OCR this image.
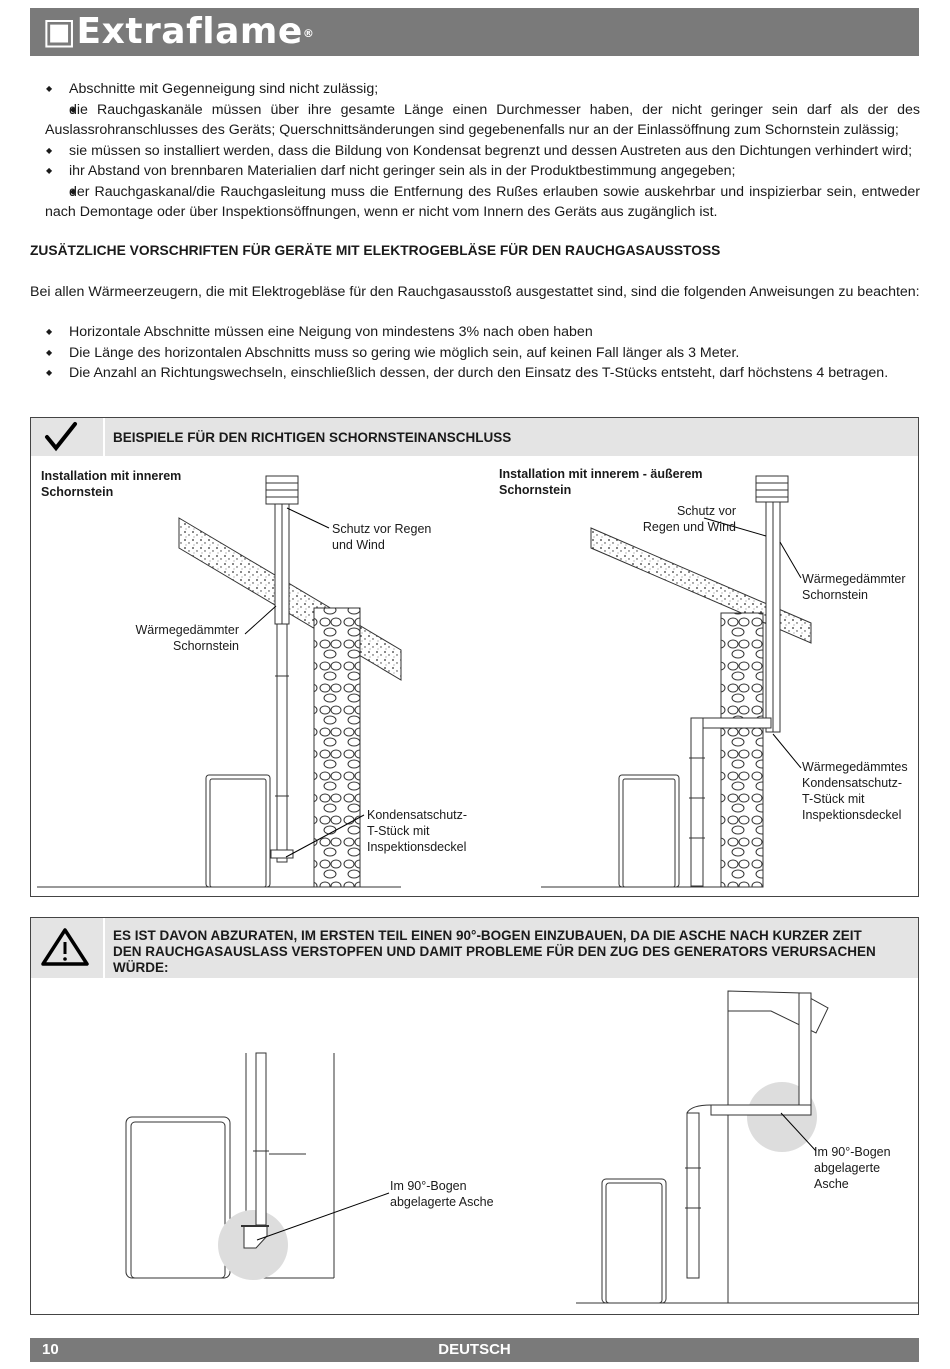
▣Extraflame®
◆ Abschnitte mit Gegenneigung sind nicht zulässig;
◆ die Rauchgaskanäle müssen über ihre gesamte Länge einen Durchmesser haben, der nicht geringer sein darf als der des Auslassrohranschlusses des Geräts; Querschnittsänderungen sind gegebenenfalls nur an der Einlassöffnung zum Schornstein zulässig;
◆ sie müssen so installiert werden, dass die Bildung von Kondensat begrenzt und dessen Austreten aus den Dichtungen verhindert wird;
◆ ihr Abstand von brennbaren Materialien darf nicht geringer sein als in der Produktbestimmung angegeben;
◆ der Rauchgaskanal/die Rauchgasleitung muss die Entfernung des Rußes erlauben sowie auskehrbar und inspizierbar sein, entweder nach Demontage oder über Inspektionsöffnungen, wenn er nicht vom Innern des Geräts aus zugänglich ist.
ZUSÄTZLICHE VORSCHRIFTEN FÜR GERÄTE MIT ELEKTROGEBLÄSE FÜR DEN RAUCHGASAUSSTOSS
Bei allen Wärmeerzeugern, die mit Elektrogebläse für den Rauchgasausstoß ausgestattet sind, sind die folgenden Anweisungen zu beachten:
◆ Horizontale Abschnitte müssen eine Neigung von mindestens 3% nach oben haben
◆ Die Länge des horizontalen Abschnitts muss so gering wie möglich sein, auf keinen Fall länger als 3 Meter.
◆ Die Anzahl an Richtungswechseln, einschließlich dessen, der durch den Einsatz des T-Stücks entsteht, darf höchstens 4 betragen.
BEISPIELE FÜR DEN RICHTIGEN SCHORNSTEINANSCHLUSS
Installation mit innerem
Schornstein
Installation mit innerem - äußerem
Schornstein
Schutz vor Regen
und Wind
Wärmegedämmter
Schornstein
Kondensatschutz-
T-Stück mit
Inspektionsdeckel
Schutz vor
Regen und Wind
Wärmegedämmter
Schornstein
Wärmegedämmtes
Kondensatschutz-
T-Stück mit
Inspektionsdeckel
ES IST DAVON ABZURATEN, IM ERSTEN TEIL EINEN 90°-BOGEN EINZUBAUEN, DA DIE ASCHE NACH KURZER ZEIT
DEN RAUCHGASAUSLASS VERSTOPFEN UND DAMIT PROBLEME FÜR DEN ZUG DES GENERATORS VERURSACHEN
WÜRDE:
Im 90°-Bogen
abgelagerte Asche
Im 90°-Bogen
abgelagerte
Asche
10	DEUTSCH
